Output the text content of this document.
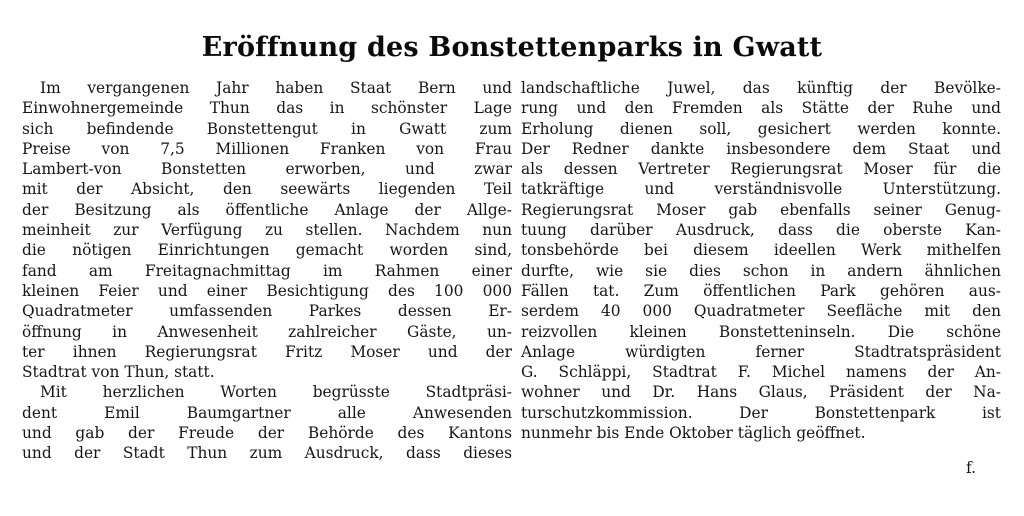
Eröffnung des Bonstettenparks in Gwatt
Im vergangenen Jahr haben Staat Bern und
Einwohnergemeinde Thun das in schönster Lage
sich befindende Bonstettengut in Gwatt zum
Preise von 7,5 Millionen Franken von Frau
Lambert-von Bonstetten erworben, und zwar
mit der Absicht, den seewärts liegenden Teil
der Besitzung als öffentliche Anlage der Allge-
meinheit zur Verfügung zu stellen. Nachdem nun
die nötigen Einrichtungen gemacht worden sind,
fand am Freitagnachmittag im Rahmen einer
kleinen Feier und einer Besichtigung des 100 000
Quadratmeter umfassenden Parkes dessen Er-
öffnung in Anwesenheit zahlreicher Gäste, un-
ter ihnen Regierungsrat Fritz Moser und der
Stadtrat von Thun, statt.
Mit herzlichen Worten begrüsste Stadtpräsi-
dent Emil Baumgartner alle Anwesenden
und gab der Freude der Behörde des Kantons
und der Stadt Thun zum Ausdruck, dass dieses
landschaftliche Juwel, das künftig der Bevölke-
rung und den Fremden als Stätte der Ruhe und
Erholung dienen soll, gesichert werden konnte.
Der Redner dankte insbesondere dem Staat und
als dessen Vertreter Regierungsrat Moser für die
tatkräftige und verständnisvolle Unterstützung.
Regierungsrat Moser gab ebenfalls seiner Genug-
tuung darüber Ausdruck, dass die oberste Kan-
tonsbehörde bei diesem ideellen Werk mithelfen
durfte, wie sie dies schon in andern ähnlichen
Fällen tat. Zum öffentlichen Park gehören aus-
serdem 40 000 Quadratmeter Seefläche mit den
reizvollen kleinen Bonstetteninseln. Die schöne
Anlage würdigten ferner Stadtratspräsident
G. Schläppi, Stadtrat F. Michel namens der An-
wohner und Dr. Hans Glaus, Präsident der Na-
turschutzkommission. Der Bonstettenpark ist
nunmehr bis Ende Oktober täglich geöffnet.
f.
